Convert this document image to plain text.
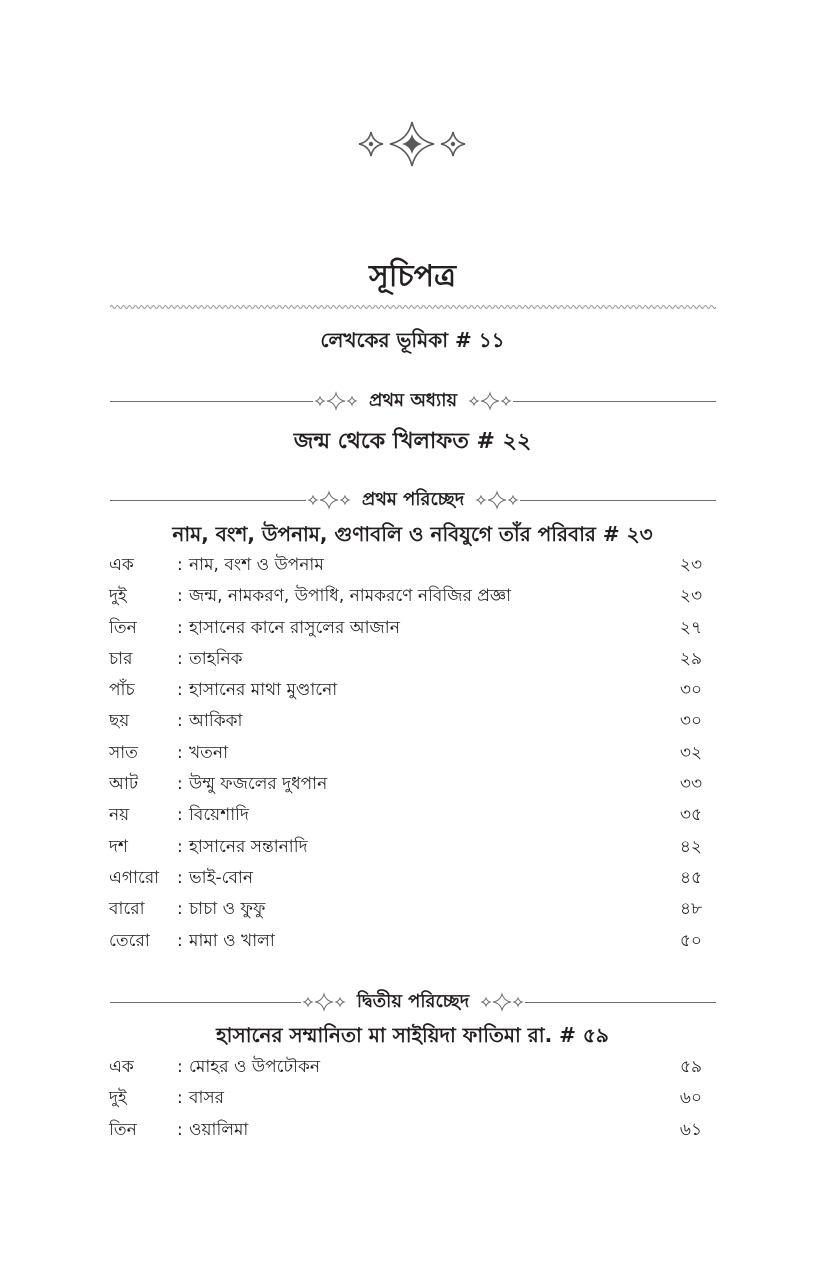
সূচিপত্র
লেখকের ভূমিকা # ১১
প্রথম অধ্যায়
জন্ম থেকে খিলাফত # ২২
প্রথম পরিচ্ছেদ
নাম, বংশ, উপনাম, গুণাবলি ও নবিযুগে তাঁর পরিবার # ২৩
এক	: নাম, বংশ ও উপনাম	২৩
দুই	: জন্ম, নামকরণ, উপাধি, নামকরণে নবিজির প্রজ্ঞা	২৩
তিন : হাসানের কানে রাসুলের আজান	২৭
চার	: তাহনিক	২৯
পাঁচ : হাসানের মাথা মুণ্ডানো	৩০
ছয়	: আকিকা	৩০
সাত : খতনা	৩২
আট : উম্মু ফজলের দুধপান	৩৩
নয়	: বিয়েশাদি	৩৫
দশ	: হাসানের সন্তানাদি	৪২
এগারো : ভাই-বোন	৪৫
বারো : চাচা ও ফুফু	৪৮
তেরো : মামা ও খালা	৫০
দ্বিতীয় পরিচ্ছেদ
হাসানের সম্মানিতা মা সাইয়িদা ফাতিমা রা. # ৫৯
এক	: মোহর ও উপঢৌকন	৫৯
দুই	: বাসর	৬০
তিন : ওয়ালিমা	৬১
